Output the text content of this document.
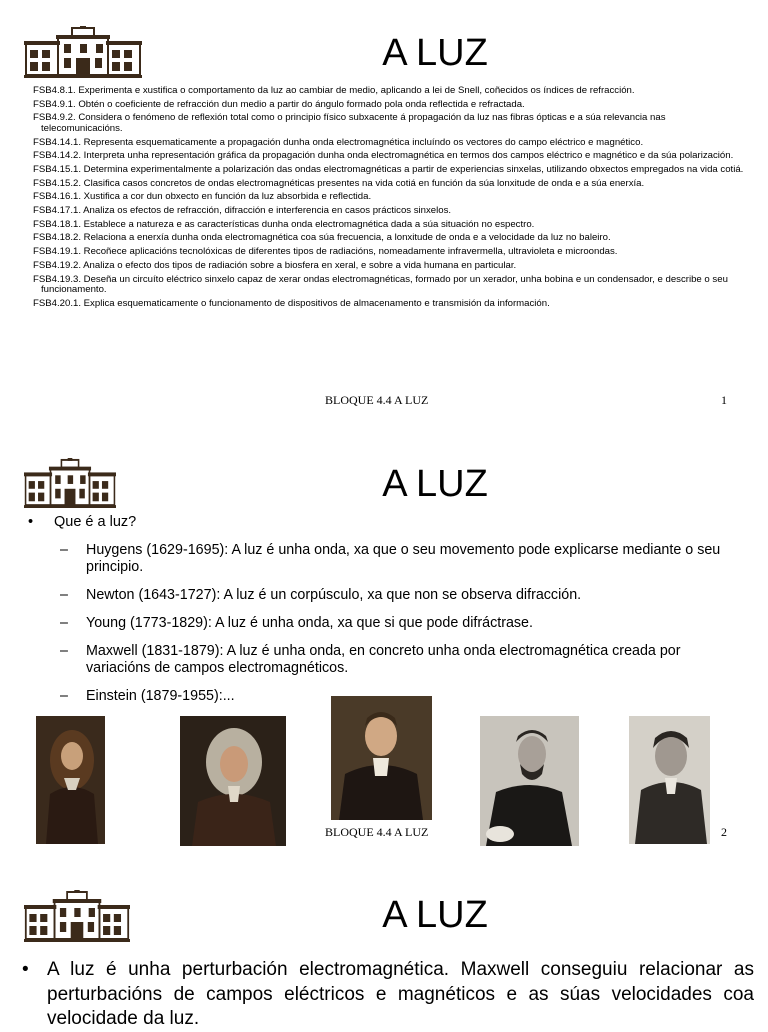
A LUZ
FSB4.8.1. Experimenta e xustifica o comportamento da luz ao cambiar de medio, aplicando a lei de Snell, coñecidos os índices de refracción.
FSB4.9.1. Obtén o coeficiente de refracción dun medio a partir do ángulo formado pola onda reflectida e refractada.
FSB4.9.2. Considera o fenómeno de reflexión total como o principio físico subxacente á propagación da luz nas fibras ópticas e a súa relevancia nas telecomunicacións.
FSB4.14.1. Representa esquematicamente a propagación dunha onda electromagnética incluíndo os vectores do campo eléctrico e magnético.
FSB4.14.2. Interpreta unha representación gráfica da propagación dunha onda electromagnética en termos dos campos eléctrico e magnético e da súa polarización.
FSB4.15.1. Determina experimentalmente a polarización das ondas electromagnéticas a partir de experiencias sinxelas, utilizando obxectos empregados na vida cotiá.
FSB4.15.2. Clasifica casos concretos de ondas electromagnéticas presentes na vida cotiá en función da súa lonxitude de onda e a súa enerxía.
FSB4.16.1. Xustifica a cor dun obxecto en función da luz absorbida e reflectida.
FSB4.17.1. Analiza os efectos de refracción, difracción e interferencia en casos prácticos sinxelos.
FSB4.18.1. Establece a natureza e as características dunha onda electromagnética dada a súa situación no espectro.
FSB4.18.2. Relaciona a enerxía dunha onda electromagnética coa súa frecuencia, a lonxitude de onda e a velocidade da luz no baleiro.
FSB4.19.1. Recoñece aplicacións tecnolóxicas de diferentes tipos de radiacións, nomeadamente infravermella, ultravioleta e microondas.
FSB4.19.2. Analiza o efecto dos tipos de radiación sobre a biosfera en xeral, e sobre a vida humana en particular.
FSB4.19.3. Deseña un circuíto eléctrico sinxelo capaz de xerar ondas electromagnéticas, formado por un xerador, unha bobina e un condensador, e describe o seu funcionamento.
FSB4.20.1. Explica esquematicamente o funcionamento de dispositivos de almacenamento e transmisión da información.
BLOQUE 4.4 A LUZ	1
A LUZ

• Que é a luz?

– Huygens (1629-1695): A luz é unha onda, xa que o seu movemento pode explicarse mediante o seu principio.
– Newton (1643-1727): A luz é un corpúsculo, xa que non se observa difracción.
– Young (1773-1829): A luz é unha onda, xa que si que pode difráctrase.
– Maxwell (1831-1879): A luz é unha onda, en concreto unha onda electromagnética creada por variacións de campos electromagnéticos.
– Einstein (1879-1955):...
BLOQUE 4.4 A LUZ	2
A LUZ

• A luz é unha perturbación electromagnética. Maxwell conseguiu relacionar as perturbacións de campos eléctricos e magnéticos e as súas velocidades coa velocidade da luz.
